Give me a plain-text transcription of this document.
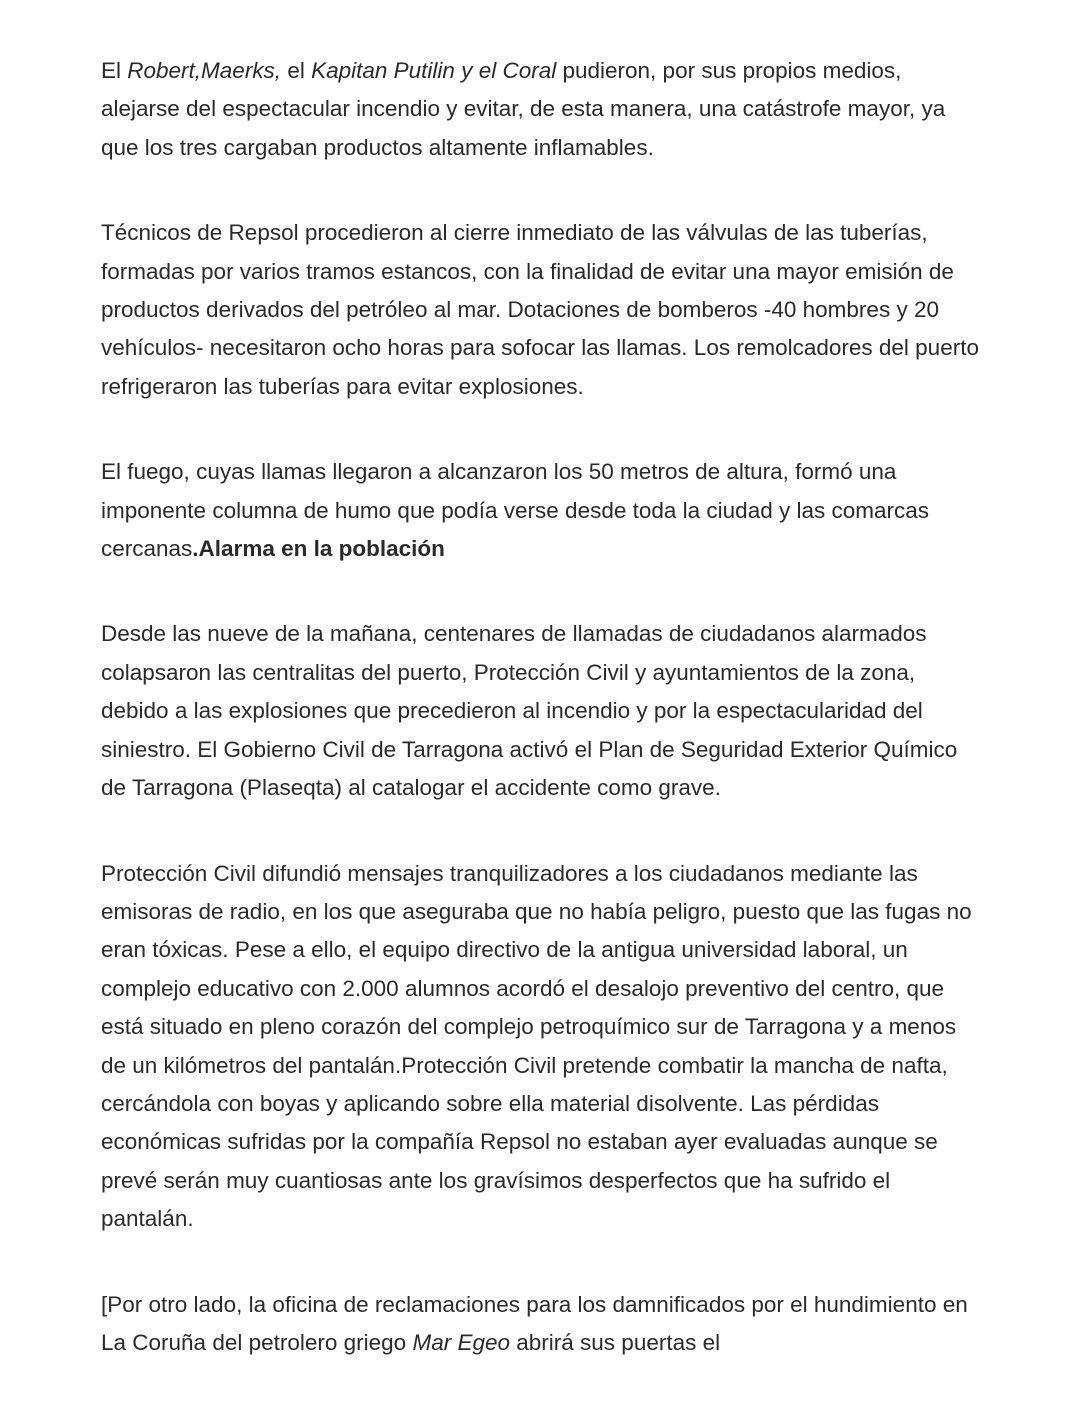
El Robert,Maerks, el Kapitan Putilin y el Coral pudieron, por sus propios medios, alejarse del espectacular incendio y evitar, de esta manera, una catástrofe mayor, ya que los tres cargaban productos altamente inflamables.

Técnicos de Repsol procedieron al cierre inmediato de las válvulas de las tuberías, formadas por varios tramos estancos, con la finalidad de evitar una mayor emisión de productos derivados del petróleo al mar. Dotaciones de bomberos -40 hombres y 20 vehículos- necesitaron ocho horas para sofocar las llamas. Los remolcadores del puerto refrigeraron las tuberías para evitar explosiones.

El fuego, cuyas llamas llegaron a alcanzaron los 50 metros de altura, formó una imponente columna de humo que podía verse desde toda la ciudad y las comarcas cercanas.Alarma en la población

Desde las nueve de la mañana, centenares de llamadas de ciudadanos alarmados colapsaron las centralitas del puerto, Protección Civil y ayuntamientos de la zona, debido a las explosiones que precedieron al incendio y por la espectacularidad del siniestro. El Gobierno Civil de Tarragona activó el Plan de Seguridad Exterior Químico de Tarragona (Plaseqta) al catalogar el accidente como grave.

Protección Civil difundió mensajes tranquilizadores a los ciudadanos mediante las emisoras de radio, en los que aseguraba que no había peligro, puesto que las fugas no eran tóxicas. Pese a ello, el equipo directivo de la antigua universidad laboral, un complejo educativo con 2.000 alumnos acordó el desalojo preventivo del centro, que está situado en pleno corazón del complejo petroquímico sur de Tarragona y a menos de un kilómetros del pantalán.Protección Civil pretende combatir la mancha de nafta, cercándola con boyas y aplicando sobre ella material disolvente. Las pérdidas económicas sufridas por la compañía Repsol no estaban ayer evaluadas aunque se prevé serán muy cuantiosas ante los gravísimos desperfectos que ha sufrido el pantalán.

[Por otro lado, la oficina de reclamaciones para los damnificados por el hundimiento en La Coruña del petrolero griego Mar Egeo abrirá sus puertas el
